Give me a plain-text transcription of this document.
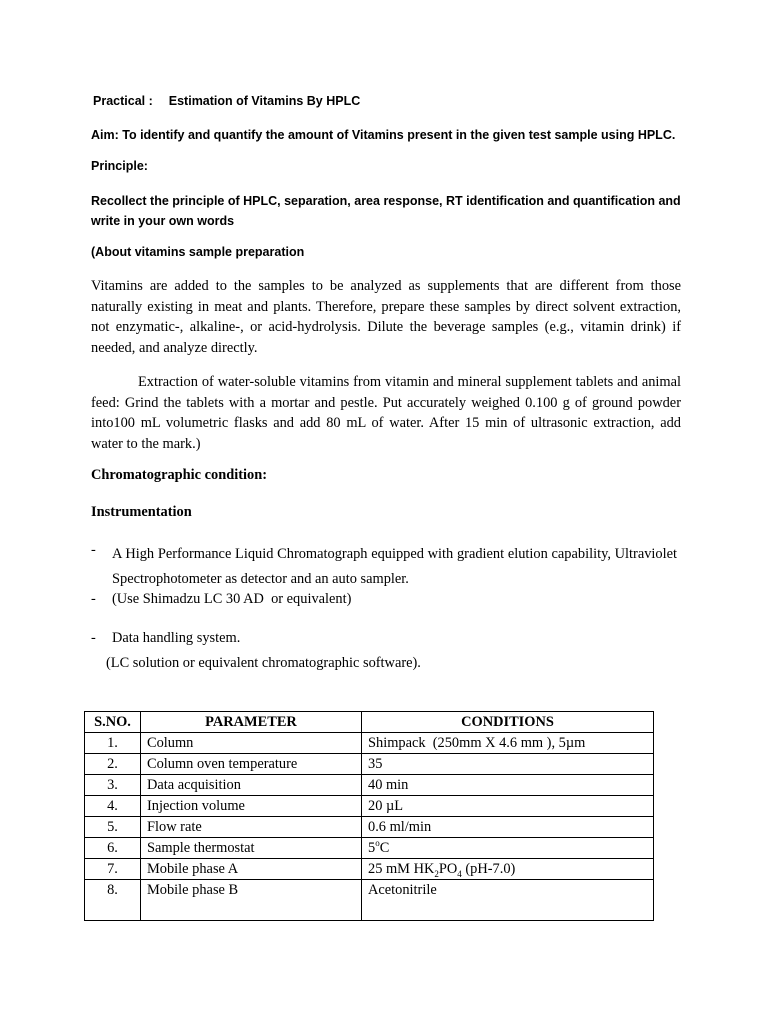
Practical : Estimation of Vitamins By HPLC
Aim: To identify and quantify the amount of Vitamins present in the given test sample using HPLC.
Principle:
Recollect the principle of HPLC, separation, area response, RT identification and quantification and write in your own words
(About vitamins sample preparation
Vitamins are added to the samples to be analyzed as supplements that are different from those naturally existing in meat and plants. Therefore, prepare these samples by direct solvent extraction, not enzymatic-, alkaline-, or acid-hydrolysis. Dilute the beverage samples (e.g., vitamin drink) if needed, and analyze directly.
Extraction of water-soluble vitamins from vitamin and mineral supplement tablets and animal feed: Grind the tablets with a mortar and pestle. Put accurately weighed 0.100 g of ground powder into100 mL volumetric flasks and add 80 mL of water. After 15 min of ultrasonic extraction, add water to the mark.)
Chromatographic condition:
Instrumentation
-	A High Performance Liquid Chromatograph equipped with gradient elution capability, Ultraviolet Spectrophotometer as detector and an auto sampler.
- (Use Shimadzu LC 30 AD  or equivalent)
- Data handling system.
(LC solution or equivalent chromatographic software).
S.NO.	PARAMETER	CONDITIONS
1.	Column	Shimpack  (250mm X 4.6 mm ), 5µm
2.	Column oven temperature	35
3.	Data acquisition	40 min
4.	Injection volume	20 µL
5.	Flow rate	0.6 ml/min
6.	Sample thermostat	5$^o$C
7.	Mobile phase A	25 mM $HK_2PO_4$ (pH-7.0)
8.	Mobile phase B	Acetonitrile
